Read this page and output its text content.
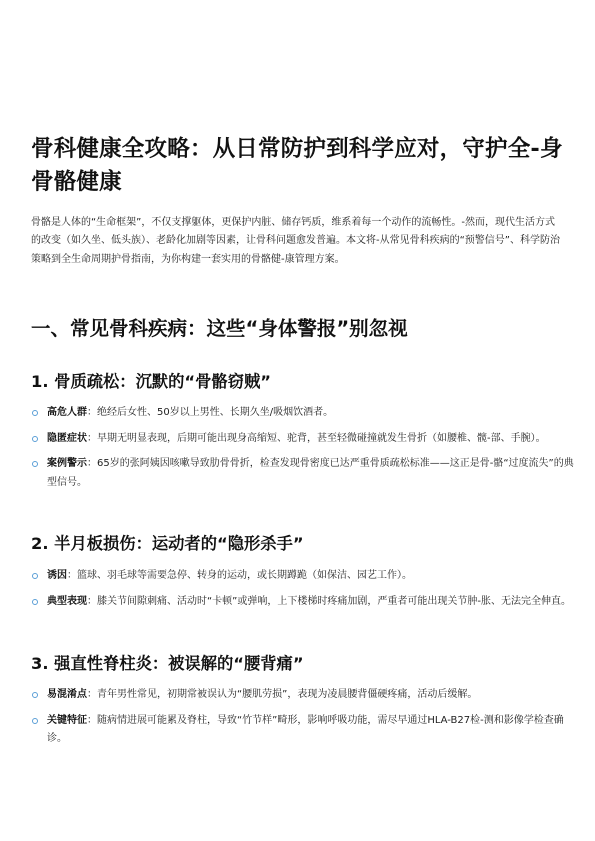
骨科健康全攻略：从日常防护到科学应对，守护全-身骨骼健康

骨骼是人体的“生命框架”，不仅支撑躯体，更保护内脏、储存钙质，维系着每一个动作的流畅性。-然而，现代生活方式的改变（如久坐、低头族）、老龄化加剧等因素，让骨科问题愈发普遍。本文将-从常见骨科疾病的“预警信号”、科学防治策略到全生命周期护骨指南，为你构建一套实用的骨骼健-康管理方案。

一、常见骨科疾病：这些“身体警报”别忽视
1. 骨质疏松：沉默的“骨骼窃贼”
高危人群：绝经后女性、50岁以上男性、长期久坐/吸烟饮酒者。
隐匿症状：早期无明显表现，后期可能出现身高缩短、驼背，甚至轻微碰撞就发生骨折（如腰椎、髋-部、手腕）。
案例警示：65岁的张阿姨因咳嗽导致肋骨骨折，检查发现骨密度已达严重骨质疏松标准——这正是骨-骼“过度流失”的典型信号。
2. 半月板损伤：运动者的“隐形杀手”
诱因：篮球、羽毛球等需要急停、转身的运动，或长期蹲跪（如保洁、园艺工作）。
典型表现：膝关节间隙刺痛、活动时“卡顿”或弹响，上下楼梯时疼痛加剧，严重者可能出现关节肿-胀、无法完全伸直。
3. 强直性脊柱炎：被误解的“腰背痛”
易混淆点：青年男性常见，初期常被误认为“腰肌劳损”，表现为凌晨腰背僵硬疼痛，活动后缓解。
关键特征：随病情进展可能累及脊柱，导致“竹节样”畸形，影响呼吸功能，需尽早通过HLA-B27检-测和影像学检查确诊。
